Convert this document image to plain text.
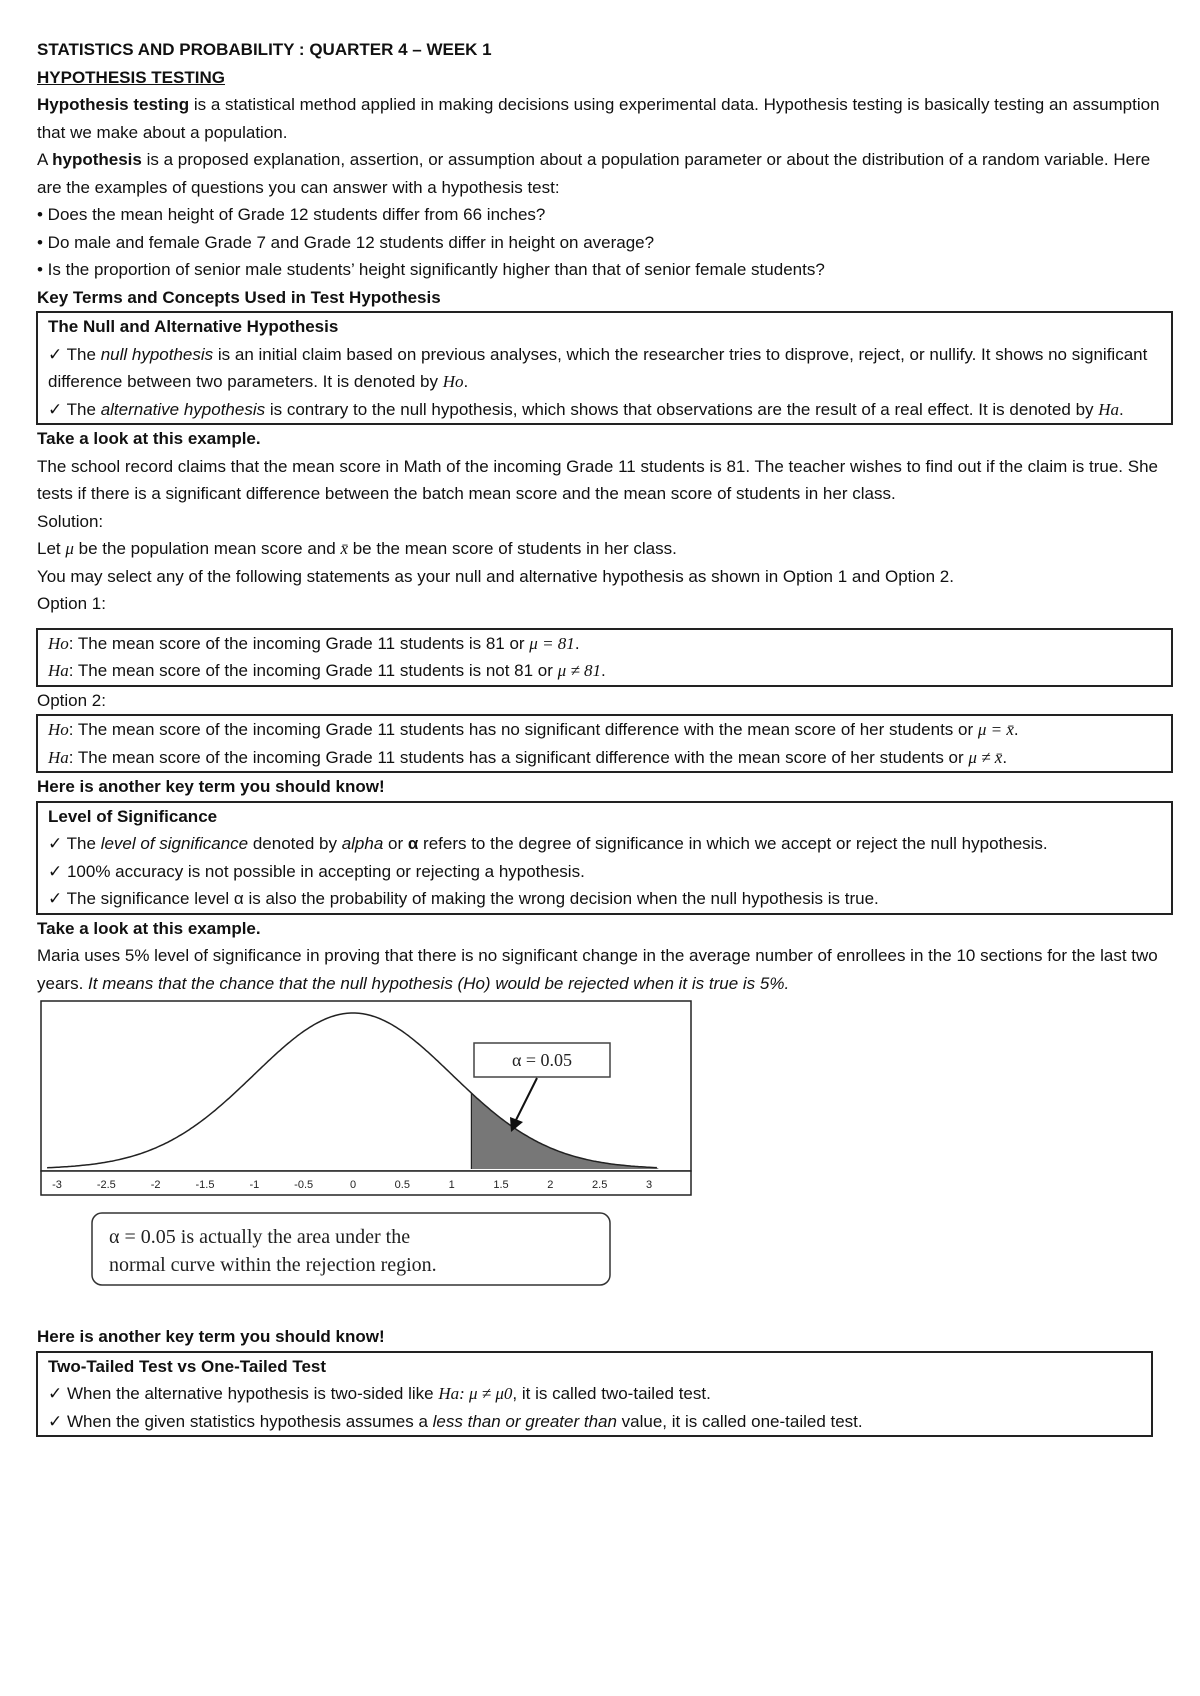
STATISTICS AND PROBABILITY : QUARTER 4 – WEEK 1

HYPOTHESIS TESTING

Hypothesis testing is a statistical method applied in making decisions using experimental data. Hypothesis testing is basically testing an assumption that we make about a population.

A hypothesis is a proposed explanation, assertion, or assumption about a population parameter or about the distribution of a random variable. Here are the examples of questions you can answer with a hypothesis test:

• Does the mean height of Grade 12 students differ from 66 inches?

• Do male and female Grade 7 and Grade 12 students differ in height on average?

• Is the proportion of senior male students’ height significantly higher than that of senior female students?

Key Terms and Concepts Used in Test Hypothesis

The Null and Alternative Hypothesis

✓ The null hypothesis is an initial claim based on previous analyses, which the researcher tries to disprove, reject, or nullify. It shows no significant difference between two parameters. It is denoted by Ho.

✓ The alternative hypothesis is contrary to the null hypothesis, which shows that observations are the result of a real effect. It is denoted by Ha.

Take a look at this example.

The school record claims that the mean score in Math of the incoming Grade 11 students is 81. The teacher wishes to find out if the claim is true. She tests if there is a significant difference between the batch mean score and the mean score of students in her class.

Solution:

Let μ be the population mean score and x̄ be the mean score of students in her class.

You may select any of the following statements as your null and alternative hypothesis as shown in Option 1 and Option 2.

Option 1:

Ho: The mean score of the incoming Grade 11 students is 81 or μ = 81.

Ha: The mean score of the incoming Grade 11 students is not 81 or μ ≠ 81.

Option 2:

Ho: The mean score of the incoming Grade 11 students has no significant difference with the mean score of her students or μ = x̄.

Ha: The mean score of the incoming Grade 11 students has a significant difference with the mean score of her students or μ ≠ x̄.

Here is another key term you should know!

Level of Significance

✓ The level of significance denoted by alpha or α refers to the degree of significance in which we accept or reject the null hypothesis.

✓ 100% accuracy is not possible in accepting or rejecting a hypothesis.

✓ The significance level α is also the probability of making the wrong decision when the null hypothesis is true.

Take a look at this example.

Maria uses 5% level of significance in proving that there is no significant change in the average number of enrollees in the 10 sections for the last two years. It means that the chance that the null hypothesis (Ho) would be rejected when it is true is 5%.

-3	-2.5	-2	-1.5	-1	-0.5	0	0.5	1	1.5	2	2.5	3
α = 0.05
α = 0.05 is actually the area under the
normal curve within the rejection region.

Here is another key term you should know!

Two-Tailed Test vs One-Tailed Test

✓ When the alternative hypothesis is two-sided like Ha: μ ≠ μ0, it is called two-tailed test.

✓ When the given statistics hypothesis assumes a less than or greater than value, it is called one-tailed test.
